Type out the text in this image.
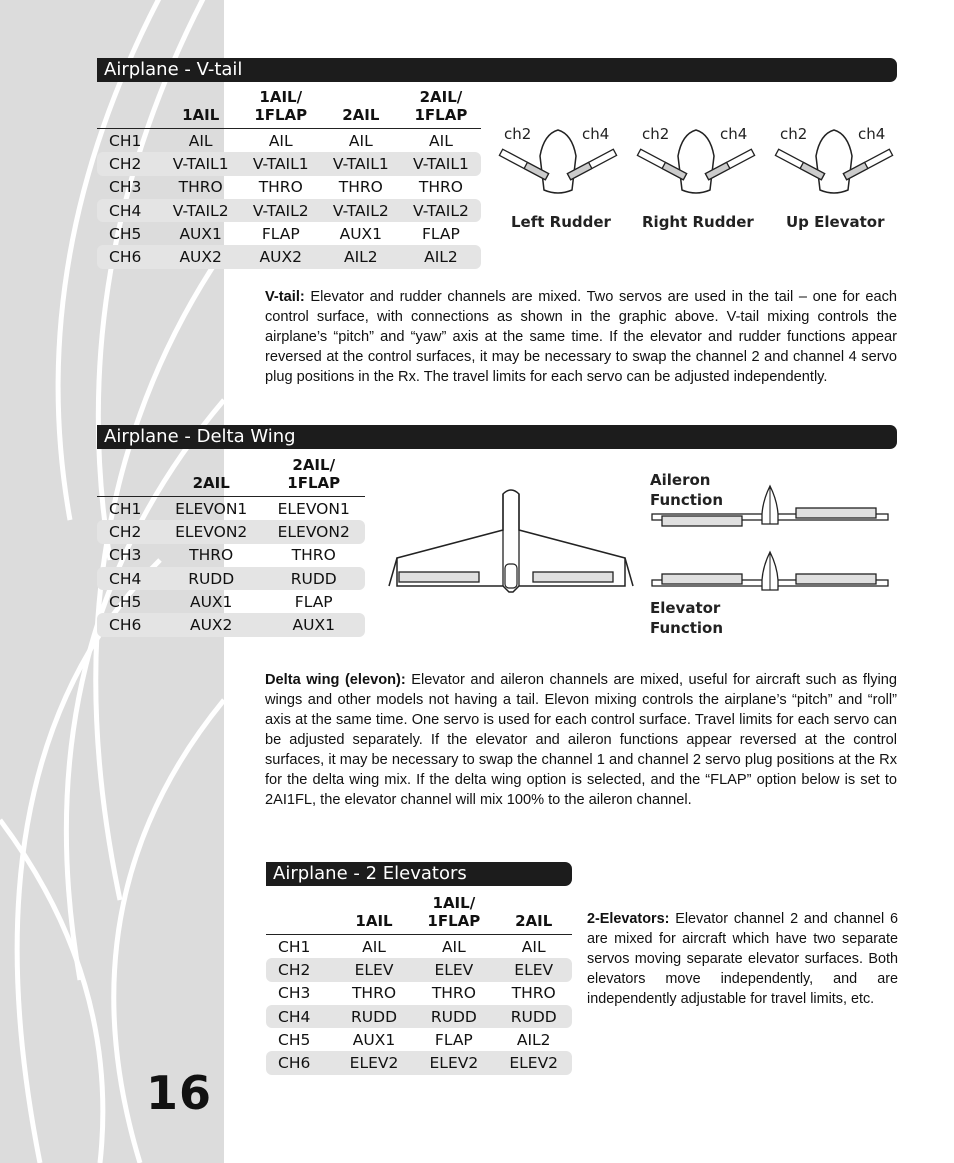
16
Airplane - V-tail
	1AIL	1AIL/
1FLAP	2AIL	2AIL/
1FLAP
CH1	AIL	AIL	AIL	AIL
CH2	V-TAIL1	V-TAIL1	V-TAIL1	V-TAIL1
CH3	THRO	THRO	THRO	THRO
CH4	V-TAIL2	V-TAIL2	V-TAIL2	V-TAIL2
CH5	AUX1	FLAP	AUX1	FLAP
CH6	AUX2	AUX2	AIL2	AIL2
ch2	ch4
Left Rudder
ch2	ch4
Right Rudder
ch2	ch4
Up Elevator
V-tail: Elevator and rudder channels are mixed. Two servos are used in the tail – one for each control surface, with connections as shown in the graphic above. V-tail mixing controls the airplane’s “pitch” and “yaw” axis at the same time. If the elevator and rudder functions appear reversed at the control surfaces, it may be necessary to swap the channel 2 and channel 4 servo plug positions in the Rx. The travel limits for each servo can be adjusted independently.
Airplane - Delta Wing
	2AIL	2AIL/
1FLAP
CH1	ELEVON1	ELEVON1
CH2	ELEVON2	ELEVON2
CH3	THRO	THRO
CH4	RUDD	RUDD
CH5	AUX1	FLAP
CH6	AUX2	AUX1
Aileron
Function
Elevator
Function
Delta wing (elevon): Elevator and aileron channels are mixed, useful for aircraft such as flying wings and other models not having a tail. Elevon mixing controls the airplane’s “pitch” and “roll” axis at the same time. One servo is used for each control surface. Travel limits for each servo can be adjusted separately. If the elevator and aileron functions appear reversed at the control surfaces, it may be necessary to swap the channel 1 and channel 2 servo plug positions at the Rx for the delta wing mix. If the delta wing option is selected, and the “FLAP” option below is set to 2AI1FL, the elevator channel will mix 100% to the aileron channel.
Airplane - 2 Elevators
	1AIL	1AIL/
1FLAP	2AIL
CH1	AIL	AIL	AIL
CH2	ELEV	ELEV	ELEV
CH3	THRO	THRO	THRO
CH4	RUDD	RUDD	RUDD
CH5	AUX1	FLAP	AIL2
CH6	ELEV2	ELEV2	ELEV2
2-Elevators: Elevator channel 2 and channel 6 are mixed for aircraft which have two separate servos moving separate elevator surfaces. Both elevators move independently, and are independently adjustable for travel limits, etc.
